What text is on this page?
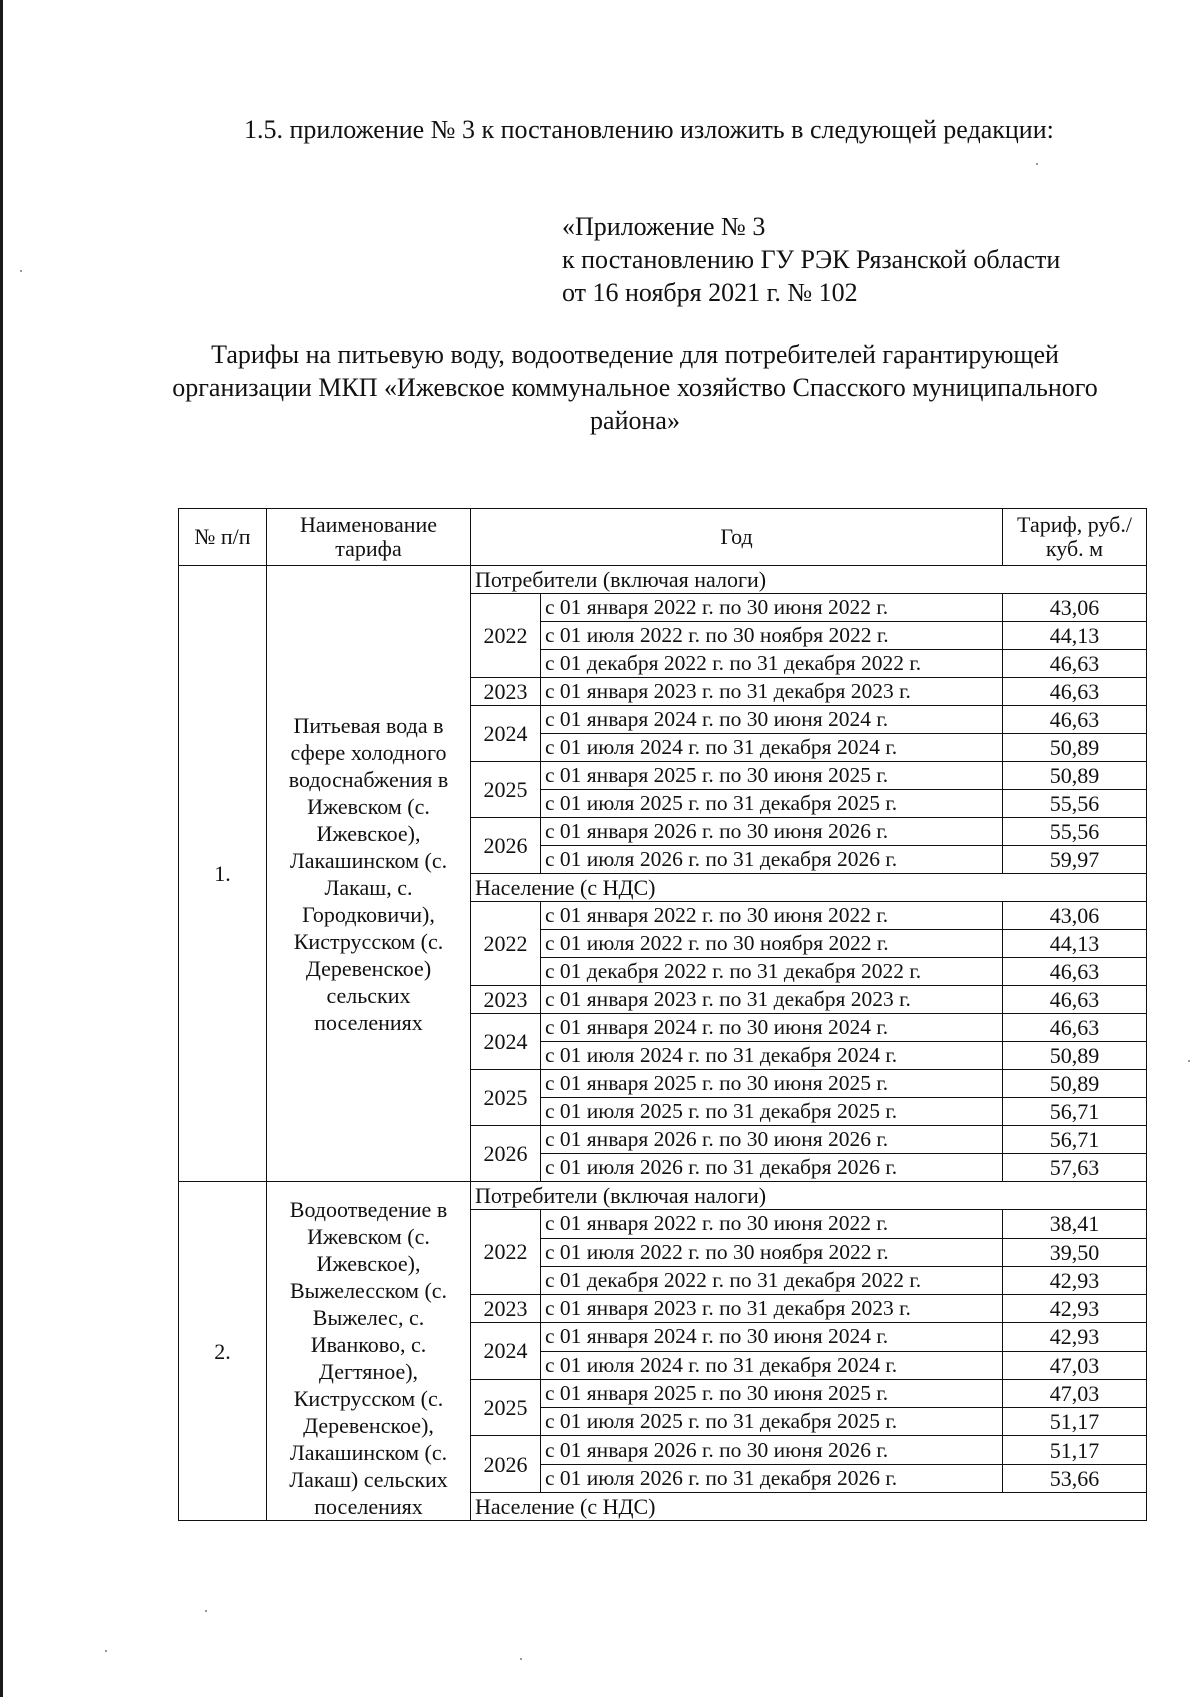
1.5. приложение № 3 к постановлению изложить в следующей редакции:

«Приложение № 3
к постановлению ГУ РЭК Рязанской области
от 16 ноября 2021 г. № 102
Тарифы на питьевую воду, водоотведение для потребителей гарантирующей организации МКП «Ижевское коммунальное хозяйство Спасского муниципального района»
№ п/п	Наименование тарифа	Год		Тариф, руб./куб. м
1.	Питьевая вода в сфере холодного водоснабжения в Ижевском (с. Ижевское), Лакашинском (с. Лакаш, с. Городковичи), Киструсском (с. Деревенское) сельских поселениях	Потребители (включая налоги)		
		2022	с 01 января 2022 г. по 30 июня 2022 г.	43,06
			с 01 июля 2022 г. по 30 ноября 2022 г.	44,13
			с 01 декабря 2022 г. по 31 декабря 2022 г.	46,63
		2023	с 01 января 2023 г. по 31 декабря 2023 г.	46,63
		2024	с 01 января 2024 г. по 30 июня 2024 г.	46,63
			с 01 июля 2024 г. по 31 декабря 2024 г.	50,89
		2025	с 01 января 2025 г. по 30 июня 2025 г.	50,89
			с 01 июля 2025 г. по 31 декабря 2025 г.	55,56
		2026	с 01 января 2026 г. по 30 июня 2026 г.	55,56
			с 01 июля 2026 г. по 31 декабря 2026 г.	59,97
		Население (с НДС)		
		2022	с 01 января 2022 г. по 30 июня 2022 г.	43,06
			с 01 июля 2022 г. по 30 ноября 2022 г.	44,13
			с 01 декабря 2022 г. по 31 декабря 2022 г.	46,63
		2023	с 01 января 2023 г. по 31 декабря 2023 г.	46,63
		2024	с 01 января 2024 г. по 30 июня 2024 г.	46,63
			с 01 июля 2024 г. по 31 декабря 2024 г.	50,89
		2025	с 01 января 2025 г. по 30 июня 2025 г.	50,89
			с 01 июля 2025 г. по 31 декабря 2025 г.	56,71
		2026	с 01 января 2026 г. по 30 июня 2026 г.	56,71
			с 01 июля 2026 г. по 31 декабря 2026 г.	57,63
2.	Водоотведение в Ижевском (с. Ижевское), Выжелесском (с. Выжелес, с. Иванково, с. Дегтяное), Киструсском (с. Деревенское), Лакашинском (с. Лакаш) сельских поселениях	Потребители (включая налоги)		
		2022	с 01 января 2022 г. по 30 июня 2022 г.	38,41
			с 01 июля 2022 г. по 30 ноября 2022 г.	39,50
			с 01 декабря 2022 г. по 31 декабря 2022 г.	42,93
		2023	с 01 января 2023 г. по 31 декабря 2023 г.	42,93
		2024	с 01 января 2024 г. по 30 июня 2024 г.	42,93
			с 01 июля 2024 г. по 31 декабря 2024 г.	47,03
		2025	с 01 января 2025 г. по 30 июня 2025 г.	47,03
			с 01 июля 2025 г. по 31 декабря 2025 г.	51,17
		2026	с 01 января 2026 г. по 30 июня 2026 г.	51,17
			с 01 июля 2026 г. по 31 декабря 2026 г.	53,66
		Население (с НДС)		
